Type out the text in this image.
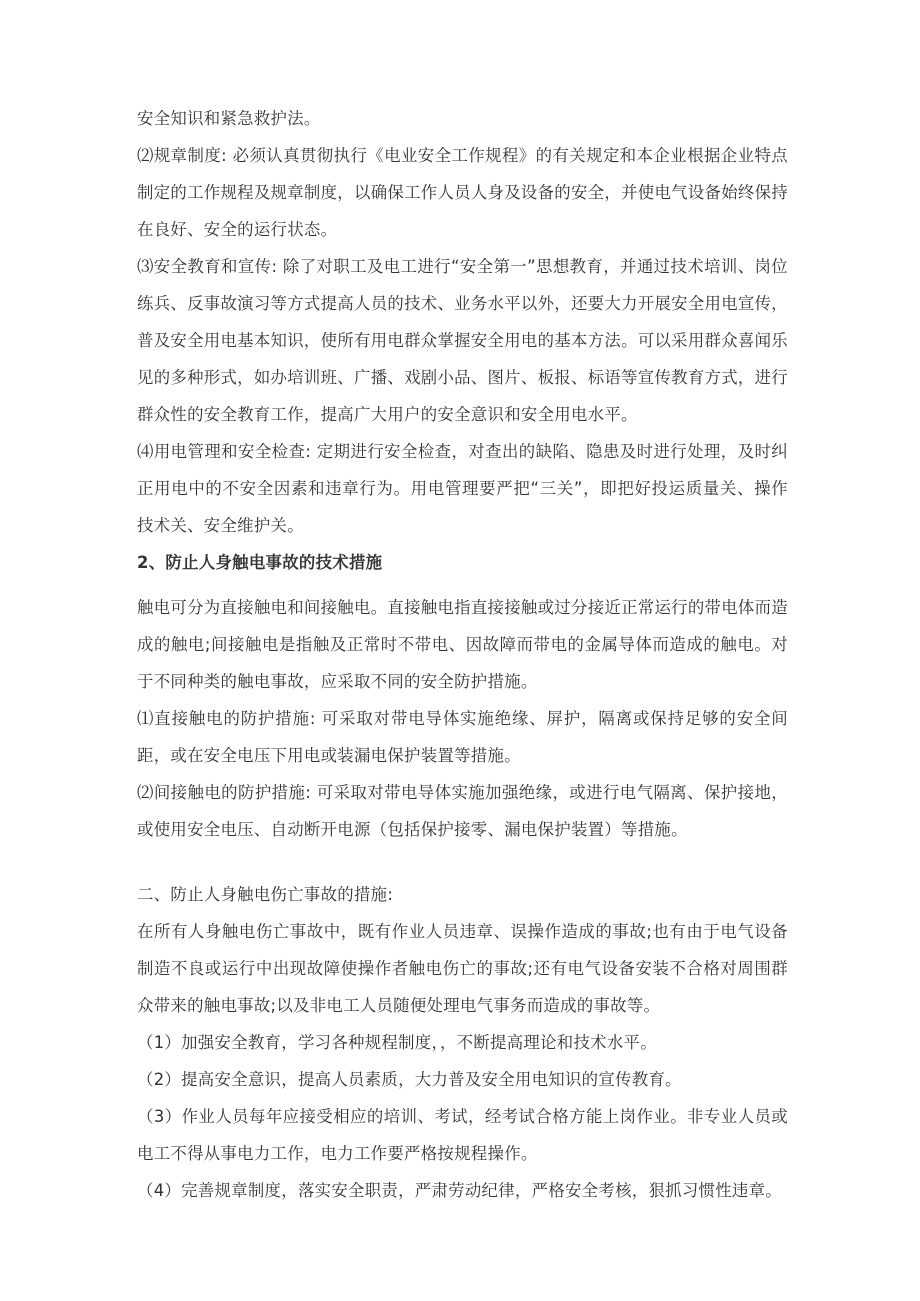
安全知识和紧急救护法。

⑵规章制度: 必须认真贯彻执行《电业安全工作规程》的有关规定和本企业根据企业特点制定的工作规程及规章制度，以确保工作人员人身及设备的安全，并使电气设备始终保持在良好、安全的运行状态。

⑶安全教育和宣传: 除了对职工及电工进行“安全第一”思想教育，并通过技术培训、岗位练兵、反事故演习等方式提高人员的技术、业务水平以外，还要大力开展安全用电宣传，普及安全用电基本知识，使所有用电群众掌握安全用电的基本方法。可以采用群众喜闻乐见的多种形式，如办培训班、广播、戏剧小品、图片、板报、标语等宣传教育方式，进行群众性的安全教育工作，提高广大用户的安全意识和安全用电水平。

⑷用电管理和安全检查: 定期进行安全检查，对查出的缺陷、隐患及时进行处理，及时纠正用电中的不安全因素和违章行为。用电管理要严把“三关”，即把好投运质量关、操作技术关、安全维护关。

2、防止人身触电事故的技术措施

触电可分为直接触电和间接触电。直接触电指直接接触或过分接近正常运行的带电体而造成的触电;间接触电是指触及正常时不带电、因故障而带电的金属导体而造成的触电。对于不同种类的触电事故，应采取不同的安全防护措施。

⑴直接触电的防护措施: 可采取对带电导体实施绝缘、屏护，隔离或保持足够的安全间距，或在安全电压下用电或装漏电保护装置等措施。

⑵间接触电的防护措施: 可采取对带电导体实施加强绝缘，或进行电气隔离、保护接地，或使用安全电压、自动断开电源（包括保护接零、漏电保护装置）等措施。

二、防止人身触电伤亡事故的措施:

在所有人身触电伤亡事故中，既有作业人员违章、误操作造成的事故;也有由于电气设备制造不良或运行中出现故障使操作者触电伤亡的事故;还有电气设备安装不合格对周围群众带来的触电事故;以及非电工人员随便处理电气事务而造成的事故等。

（1）加强安全教育，学习各种规程制度，，不断提高理论和技术水平。

（2）提高安全意识，提高人员素质，大力普及安全用电知识的宣传教育。

（3）作业人员每年应接受相应的培训、考试，经考试合格方能上岗作业。非专业人员或电工不得从事电力工作，电力工作要严格按规程操作。

（4）完善规章制度，落实安全职责，严肃劳动纪律，严格安全考核，狠抓习惯性违章。
